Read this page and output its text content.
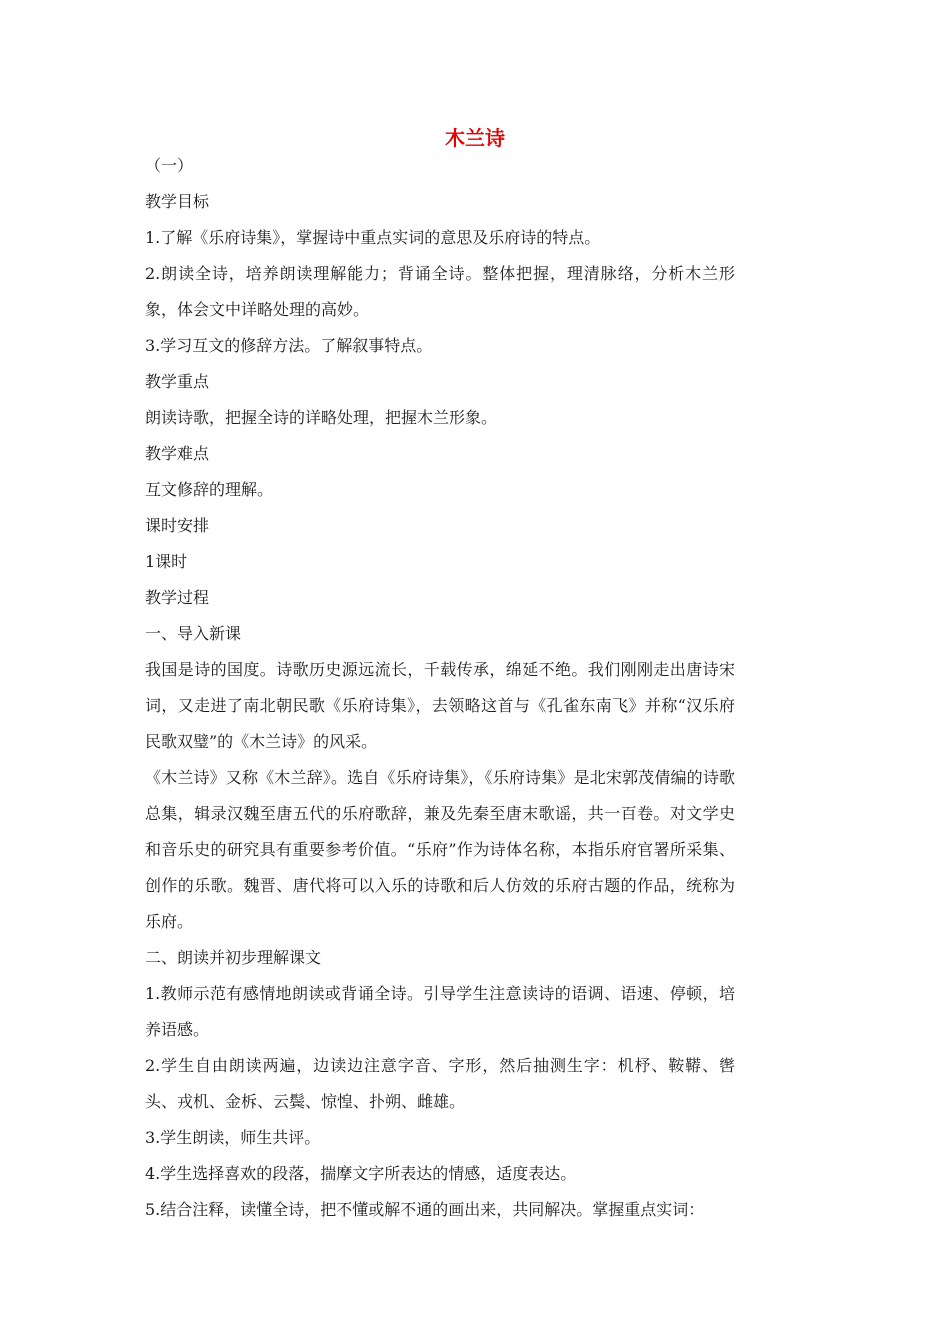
木兰诗

（一）

教学目标

1.了解《乐府诗集》，掌握诗中重点实词的意思及乐府诗的特点。

2.朗读全诗，培养朗读理解能力；背诵全诗。整体把握，理清脉络，分析木兰形象，体会文中详略处理的高妙。

3.学习互文的修辞方法。了解叙事特点。

教学重点

朗读诗歌，把握全诗的详略处理，把握木兰形象。

教学难点

互文修辞的理解。

课时安排

1课时

教学过程

一、导入新课

我国是诗的国度。诗歌历史源远流长，千载传承，绵延不绝。我们刚刚走出唐诗宋词，又走进了南北朝民歌《乐府诗集》，去领略这首与《孔雀东南飞》并称“汉乐府民歌双璧”的《木兰诗》的风采。

《木兰诗》又称《木兰辞》。选自《乐府诗集》，《乐府诗集》是北宋郭茂倩编的诗歌总集，辑录汉魏至唐五代的乐府歌辞，兼及先秦至唐末歌谣，共一百卷。对文学史和音乐史的研究具有重要参考价值。“乐府”作为诗体名称，本指乐府官署所采集、创作的乐歌。魏晋、唐代将可以入乐的诗歌和后人仿效的乐府古题的作品，统称为乐府。

二、朗读并初步理解课文

1.教师示范有感情地朗读或背诵全诗。引导学生注意读诗的语调、语速、停顿，培养语感。

2.学生自由朗读两遍，边读边注意字音、字形，然后抽测生字：机杼、鞍鞯、辔头、戎机、金柝、云鬓、惊惶、扑朔、雌雄。

3.学生朗读，师生共评。

4.学生选择喜欢的段落，揣摩文字所表达的情感，适度表达。

5.结合注释，读懂全诗，把不懂或解不通的画出来，共同解决。掌握重点实词：
